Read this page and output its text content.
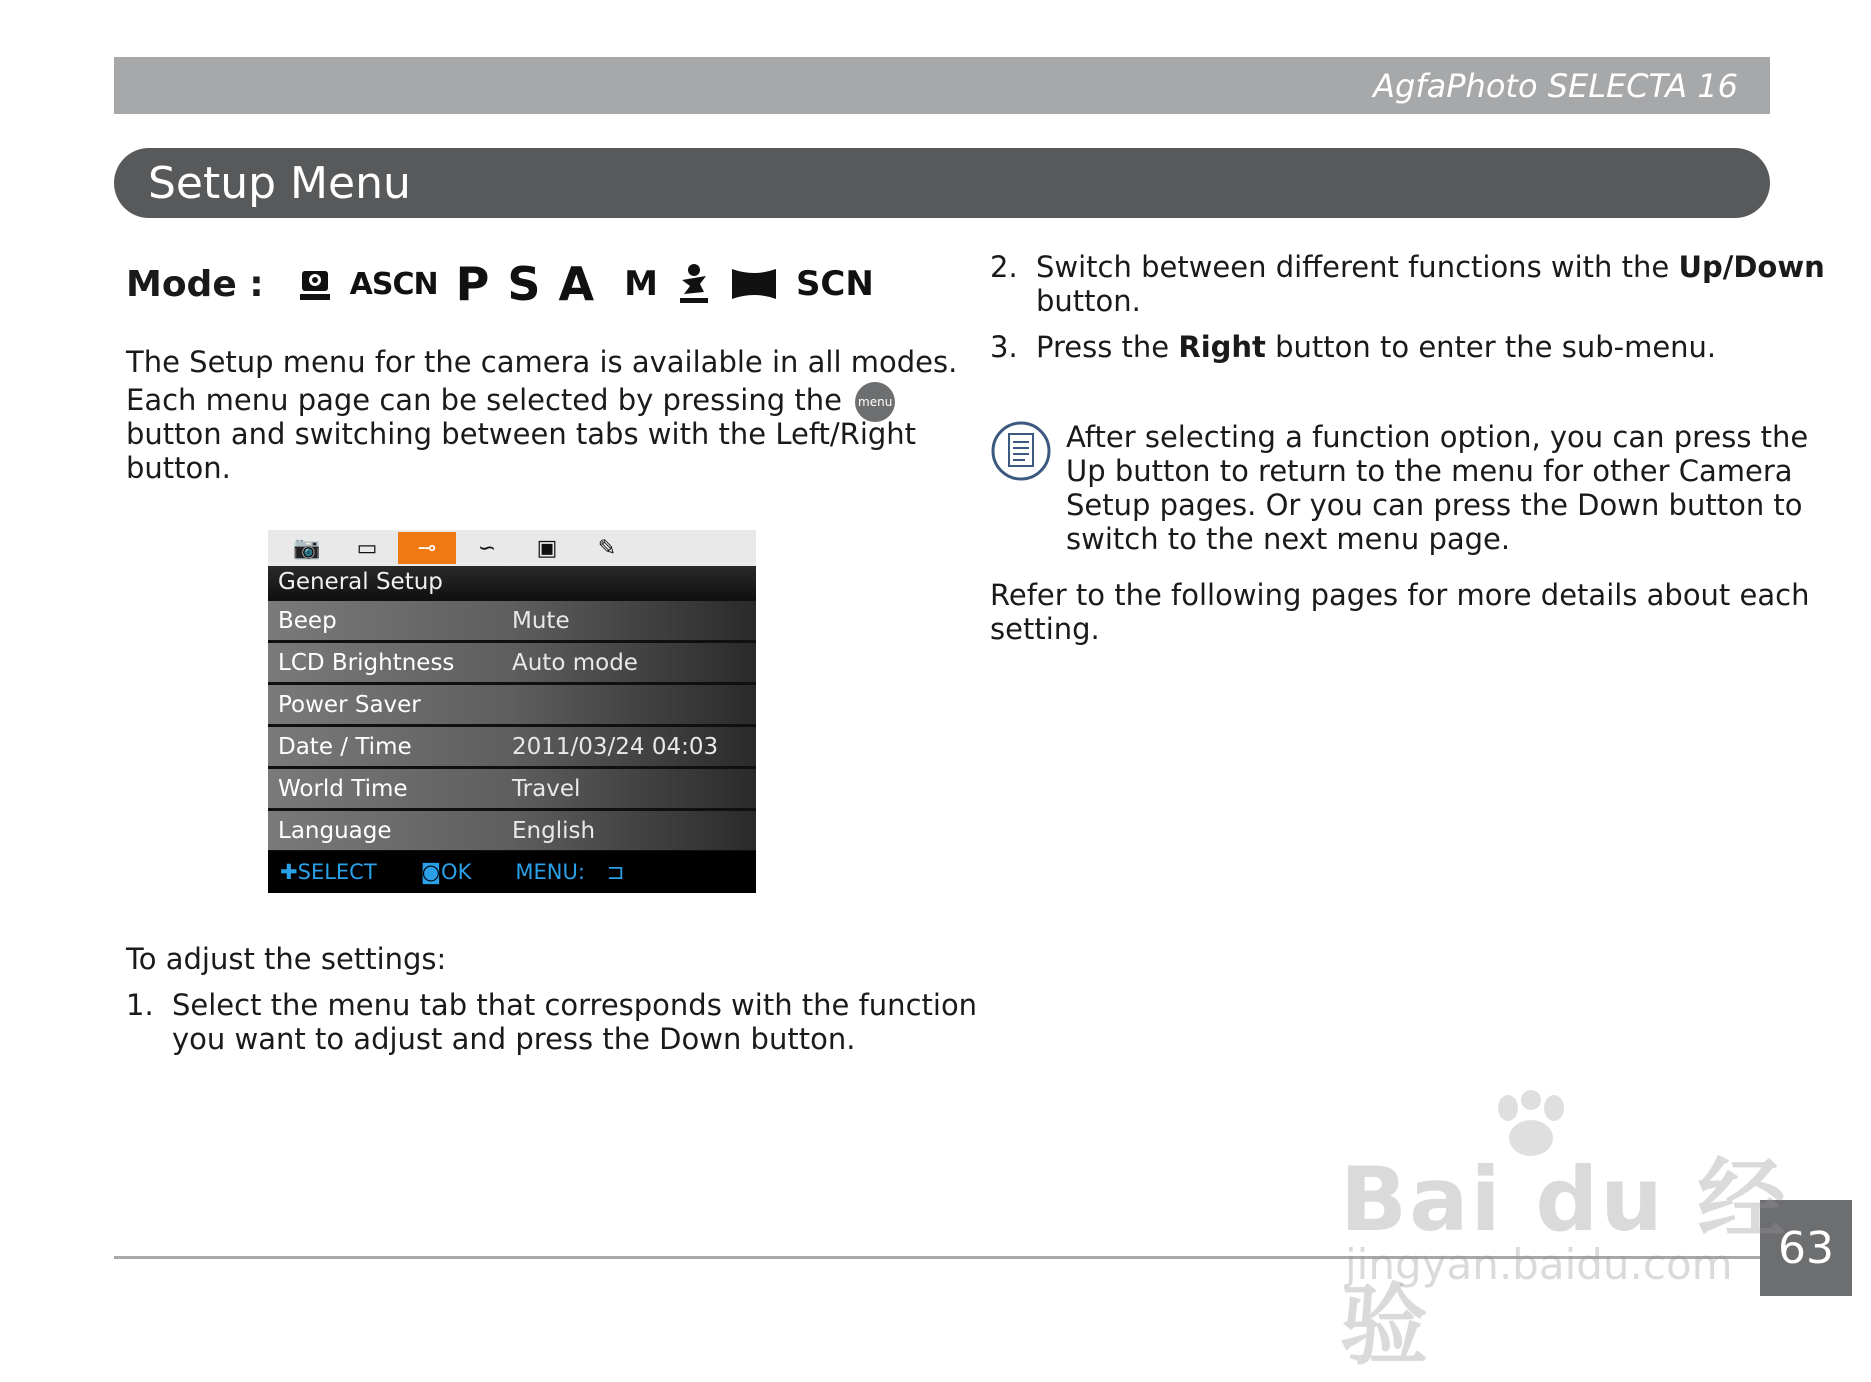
AgfaPhoto SELECTA 16
Setup Menu
Mode :	ASCN P S A M	SCN
The Setup menu for the camera is available in all modes.
Each menu page can be selected by pressing the menu
button and switching between tabs with the Left/Right
button.
📷	▭	⊸	∽	▣	✎
General Setup
Beep	Mute
LCD Brightness	Auto mode
Power Saver
Date / Time	2011/03/24 04:03
World Time	Travel
Language	English
✚SELECT	◙OK	MENU: ⊐
To adjust the settings:
1. Select the menu tab that corresponds with the function
you want to adjust and press the Down button.
2. Switch between different functions with the Up/Down
button.
3. Press the Right button to enter the sub-menu.
After selecting a function option, you can press the
Up button to return to the menu for other Camera
Setup pages. Or you can press the Down button to
switch to the next menu page.
Refer to the following pages for more details about each
setting.
63
Bai du 经验
jingyan.baidu.com
